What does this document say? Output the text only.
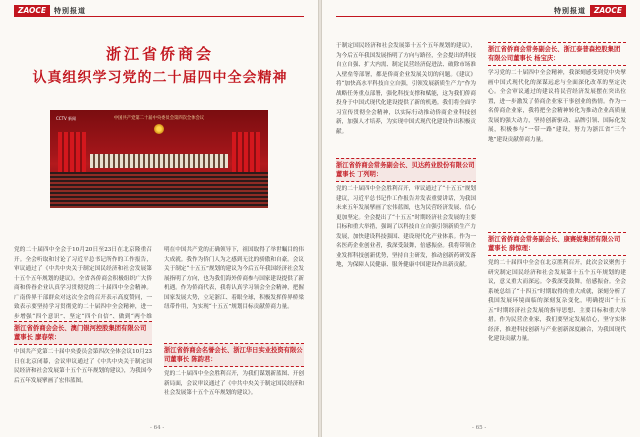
ZAOCE	特别报道
浙江省侨商会
认真组织学习党的二十届四中全会精神
CCTV 新闻	中国共产党第二十届中央委员会第四次全体会议
党的二十届四中全会于10月20日至23日在北京隆重召开。全会听取和讨论了习近平总书记所作的工作报告，审议通过了《中共中央关于制定国民经济和社会发展第十五个五年规划的建议》。全省各侨商会积极组织广大侨商和侨眷企业认真学习贯彻党的二十届四中全会精神。广南侨界干部群众对这次全会的召开表示高度赞同，一致表示要坚持学习贯彻党的二十届四中全会精神，进一步增强“四个意识”、坚定“四个自信”、做到“两个维
明在中国共产党的正确领导下，祖国取得了举世瞩目的伟大成就。我作为侨门人为之感到无比的骄傲和自豪。会议关于制定“十五五”规划的建议为今后五年我国经济社会发展指明了方向，也为我们海外侨商参与国家建设提供了新机遇。作为侨商代表，我将认真学习领会全会精神，把握国家发展大势，立足浙江、着眼全球，积极发挥侨界桥梁纽带作用，为实现“十五五”规划目标贡献侨商力量。
浙江省侨商会会长、澳门银河控股集团有限公司董事长 廖春荣：
中国共产党第二十届中央委员会第四次全体会议10月23日在北京闭幕，会议审议通过了《中共中央关于制定国民经济和社会发展第十五个五年规划的建议》，为我国今后五年发展擘画了宏伟蓝图。
浙江省侨商会名誉会长、浙江华日实业投资有限公司董事长 陈韵君：
党的二十届四中全会胜利召开，为我们谋划新蓝图、开创新局面，会议审议通过了《中共中央关于制定国民经济和社会发展第十五个五年规划的建议》。
- 64 -
特别报道	ZAOCE
于制定国民经济和社会发展第十五个五年规划的建议》，为今后五年我国发展指明了方向与路径，全会提出的科技自立自强、扩大内需、制定民营经济促进法、破除市场准入壁垒等部署，都是侨商企业发展关切的问题。《建议》将“加快高水平科技自立自强，引领发展新质生产力”作为战略任务重点部署，强化科技支撑和赋能，这为我们侨商投身于中国式现代化建设提供了新的机遇。我们将全面学习宣传贯彻全会精神，以实际行动推动侨商企业科技创新，加强人才培养，为实现中国式现代化建设作出积极贡献。
浙江省侨商会常务副会长、贝达药业股份有限公司董事长 丁列明：
党的二十届四中全会胜利召开，审议通过了“十五五”规划建议，习近平总书记作工作报告并发表重要讲话，为我国未来五年发展擘画了宏伟蓝图，也为民营经济发展、信心更加坚定。全会提出了“十五五”时期经济社会发展的主要目标和重大举措，强调了以科技自立自强引领新质生产力发展，加快建设科技强国、建设现代化产业体系。作为一名医药企业创业者，我深受鼓舞，倍感振奋。我将带领企业发挥科技创新优势，坚持自主研发，推动创新药研发落地，为保障人民健康、服务健康中国建设作出新贡献。
浙江省侨商会常务副会长、浙江泰普森控股集团有限公司董事长 杨宝庆：
学习党的二十届四中全会精神，我深刻感受到党中央擘画中国式现代化的深谋远虑与全面深化改革的坚定决心。全会审议通过的建议将民营经济发展摆在突出位置，进一步激发了侨商企业家干事创业的热情。作为一名侨商企业家，我将把全会精神转化为推动企业高质量发展的强大动力，坚持创新驱动、品牌引领、国际化发展，积极参与“一带一路”建设，努力为浙江省“三个地”建设贡献侨商力量。
浙江省侨商会常务副会长、康赛妮集团有限公司董事长 薛惊理：
党的二十届四中全会在北京胜利召开，此次会议聚焦于研究制定国民经济和社会发展第十五个五年规划的建议，意义重大而深远。令我深受鼓舞，倍感振奋。全会系统总结了“十四五”时期取得的重大成就，深刻分析了我国发展环境面临的深刻复杂变化，明确提出“十五五”时期经济社会发展的指导思想、主要目标和重大举措。作为民营企业家，我们要坚定发展信心，坚守实体经济，推进科技创新与产业创新深度融合，为我国现代化建设贡献力量。
- 65 -
